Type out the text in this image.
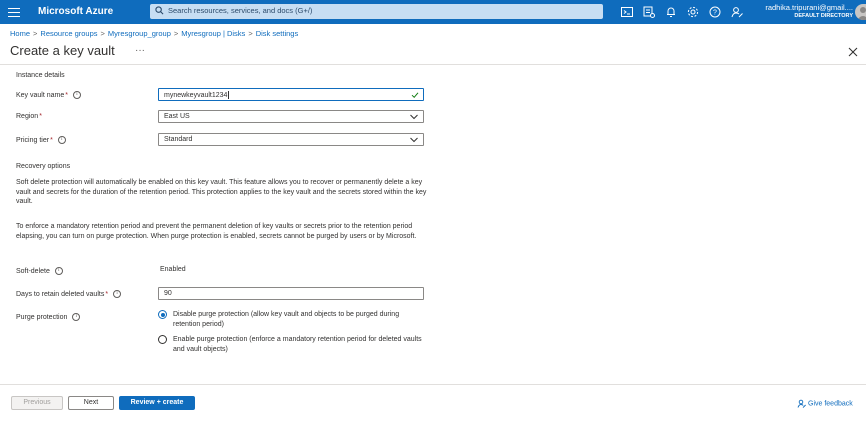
Microsoft Azure	Search resources, services, and docs (G+/)	?
radhika.tripurani@gmail....
DEFAULT DIRECTORY
Home > Resource groups > Myresgroup_group > Myresgroup | Disks > Disk settings
Create a key vault ···
Instance details
Key vault name* i	mynewkeyvault1234
Region*	East US
Pricing tier* i	Standard
Recovery options
Soft delete protection will automatically be enabled on this key vault. This feature allows you to recover or permanently delete a key vault and secrets for the duration of the retention period. This protection applies to the key vault and the secrets stored within the key vault.
To enforce a mandatory retention period and prevent the permanent deletion of key vaults or secrets prior to the retention period elapsing, you can turn on purge protection. When purge protection is enabled, secrets cannot be purged by users or by Microsoft.
Soft-delete i	Enabled
Days to retain deleted vaults* i	90
Purge protection i	Disable purge protection (allow key vault and objects to be purged during retention period)
Enable purge protection (enforce a mandatory retention period for deleted vaults and vault objects)
Previous	Next	Review + create	Give feedback
